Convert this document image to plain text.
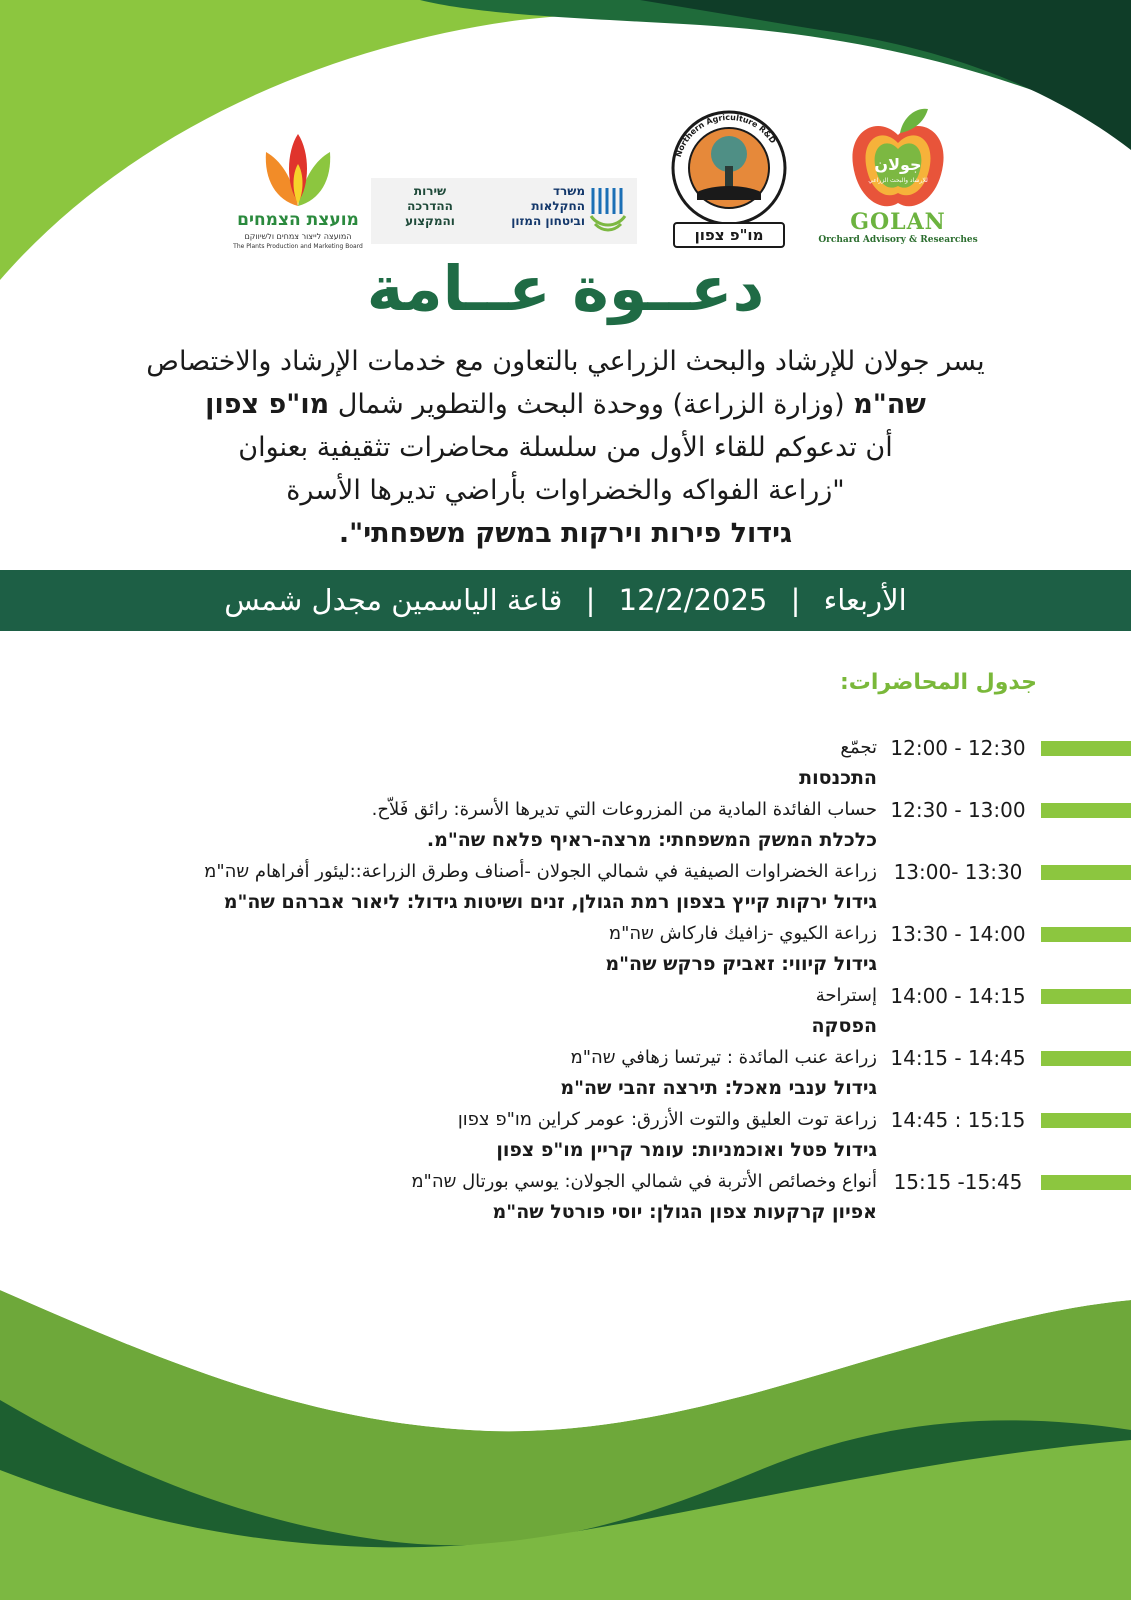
جولان
للإرشاد والبحث الزراعي
GOLAN
Orchard Advisory & Researches
Northern Agriculture R&D
מו"פ צפון
משרד
החקלאות
וביטחון המזון
שירות
ההדרכה
והמקצוע
מועצת הצמחים
המועצה לייצור צמחים ולשיווקם
The Plants Production and Marketing Board
دعــوة عــامة
يسر جولان للإرشاد والبحث الزراعي بالتعاون مع خدمات الإرشاد والاختصاص
שה"מ (وزارة الزراعة) ووحدة البحث والتطوير شمال מו"פ צפון
أن تدعوكم للقاء الأول من سلسلة محاضرات تثقيفية بعنوان
"زراعة الفواكه والخضراوات بأراضي تديرها الأسرة
גידול פירות וירקות במשק משפחתי".
الأربعاء | 12/2/2025 | قاعة الياسمين مجدل شمس
جدول المحاضرات:
12:00 - 12:30
تجمّع
התכנסות
12:30 - 13:00
حساب الفائدة المادية من المزروعات التي تديرها الأسرة: رائق فَلاّح.
כלכלת המשק המשפחתי: מרצה-ראיף פלאח שה"מ.
13:00- 13:30
زراعة الخضراوات الصيفية في شمالي الجولان -أصناف وطرق الزراعة::ليئور أفراهام שה"מ
גידול ירקות קייץ בצפון רמת הגולן, זנים ושיטות גידול: ליאור אברהם שה"מ
13:30 - 14:00
زراعة الكيوي -زافيك فاركاش שה"מ
גידול קיווי: זאביק פרקש שה"מ
14:00 - 14:15
إستراحة
הפסקה
14:15 - 14:45
زراعة عنب المائدة : تيرتسا زهافي שה"מ
גידול ענבי מאכל: תירצה זהבי שה"מ
14:45 : 15:15
زراعة توت العليق والتوت الأزرق: عومر كراين מו"פ צפון
גידול פטל ואוכמניות: עומר קריין מו"פ צפון
15:15 -15:45
أنواع وخصائص الأتربة في شمالي الجولان: يوسي بورتال שה"מ
אפיון קרקעות צפון הגולן: יוסי פורטל שה"מ
